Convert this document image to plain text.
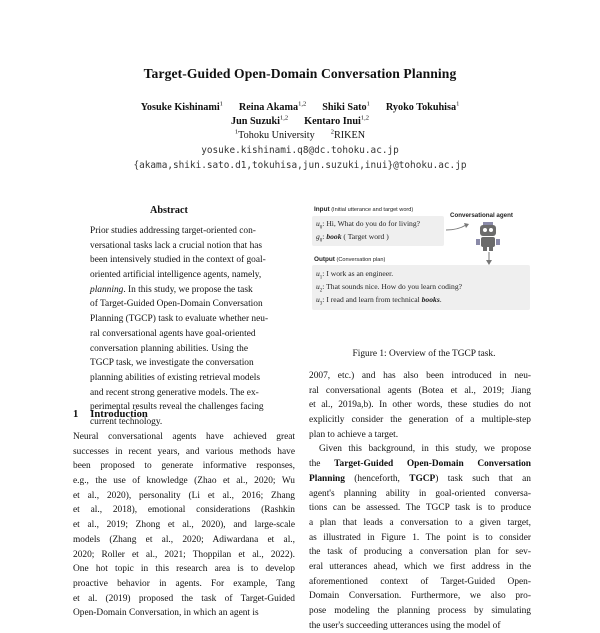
Target-Guided Open-Domain Conversation Planning
Yosuke Kishinami$^1$ Reina Akama$^{1,2}$ Shiki Sato$^1$ Ryoko Tokuhisa$^1$
Jun Suzuki$^{1,2}$ Kentaro Inui$^{1,2}$
$^1$Tohoku University $^2$RIKEN
yosuke.kishinami.q8@dc.tohoku.ac.jp
{akama,shiki.sato.d1,tokuhisa,jun.suzuki,inui}@tohoku.ac.jp
Abstract
Prior studies addressing target-oriented con-
versational tasks lack a crucial notion that has
been intensively studied in the context of goal-
oriented artificial intelligence agents, namely,
planning. In this study, we propose the task
of Target-Guided Open-Domain Conversation
Planning (TGCP) task to evaluate whether neu-
ral conversational agents have goal-oriented
conversation planning abilities. Using the
TGCP task, we investigate the conversation
planning abilities of existing retrieval models
and recent strong generative models. The ex-
perimental results reveal the challenges facing
current technology.
1 Introduction
Neural conversational agents have achieved great
successes in recent years, and various methods have
been proposed to generate informative responses,
e.g., the use of knowledge (Zhao et al., 2020; Wu
et al., 2020), personality (Li et al., 2016; Zhang
et al., 2018), emotional considerations (Rashkin
et al., 2019; Zhong et al., 2020), and large-scale
models (Zhang et al., 2020; Adiwardana et al.,
2020; Roller et al., 2021; Thoppilan et al., 2022).
One hot topic in this research area is to develop
proactive behavior in agents. For example, Tang
et al. (2019) proposed the task of Target-Guided
Open-Domain Conversation, in which an agent is
Input (Initial utterance and target word)
Conversational agent
$u_0$: Hi, What do you do for living?
$g_0$: book ( Target word )
Output (Conversation plan)
$u_1$: I work as an engineer.
$u_2$: That sounds nice. How do you learn coding?
$u_3$: I read and learn from technical books.
Figure 1: Overview of the TGCP task.
2007, etc.) and has also been introduced in neu-
ral conversational agents (Botea et al., 2019; Jiang
et al., 2019a,b). In other words, these studies do not
explicitly consider the generation of a multiple-step
plan to achieve a target.
Given this background, in this study, we propose
the Target-Guided Open-Domain Conversation
Planning (henceforth, TGCP) task such that an
agent's planning ability in goal-oriented conversa-
tions can be assessed. The TGCP task is to produce
a plan that leads a conversation to a given target,
as illustrated in Figure 1. The point is to consider
the task of producing a conversation plan for sev-
eral utterances ahead, which we first address in the
aforementioned context of Target-Guided Open-
Domain Conversation. Furthermore, we also pro-
pose modeling the planning process by simulating
the user's succeeding utterances using the model of
